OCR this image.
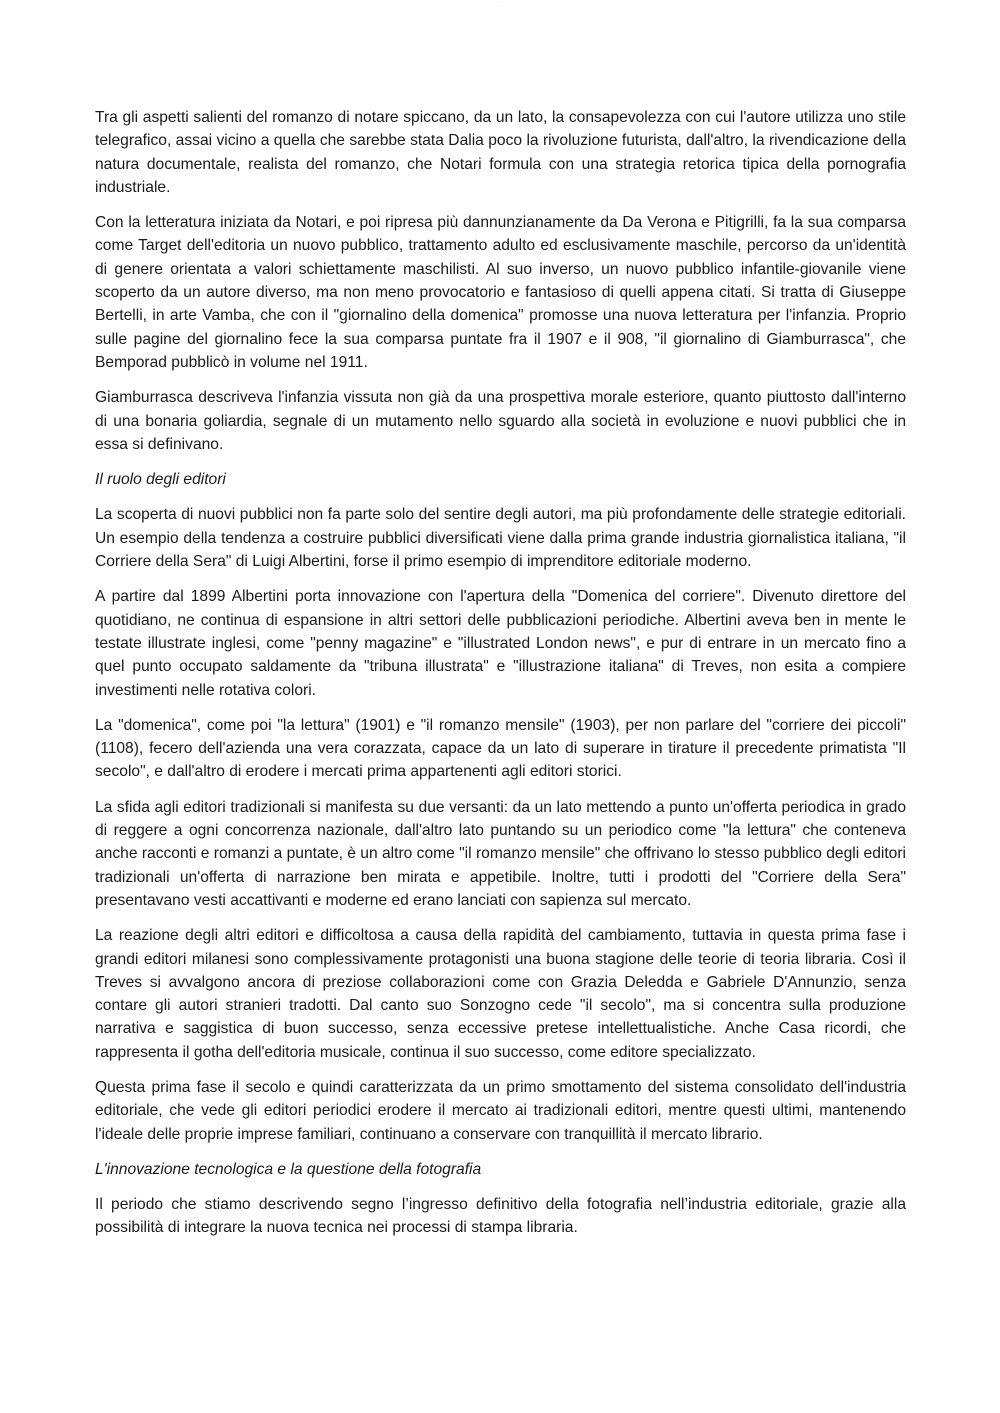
· · · · ·

Tra gli aspetti salienti del romanzo di notare spiccano, da un lato, la consapevolezza con cui l'autore utilizza uno stile telegrafico, assai vicino a quella che sarebbe stata Dalia poco la rivoluzione futurista, dall'altro, la rivendicazione della natura documentale, realista del romanzo, che Notari formula con una strategia retorica tipica della pornografia industriale.

Con la letteratura iniziata da Notari, e poi ripresa più dannunzianamente da Da Verona e Pitigrilli, fa la sua comparsa come Target dell'editoria un nuovo pubblico, trattamento adulto ed esclusivamente maschile, percorso da un'identità di genere orientata a valori schiettamente maschilisti. Al suo inverso, un nuovo pubblico infantile-giovanile viene scoperto da un autore diverso, ma non meno provocatorio e fantasioso di quelli appena citati. Si tratta di Giuseppe Bertelli, in arte Vamba, che con il "giornalino della domenica" promosse una nuova letteratura per l'infanzia. Proprio sulle pagine del giornalino fece la sua comparsa puntate fra il 1907 e il 908, "il giornalino di Giamburrasca", che Bemporad pubblicò in volume nel 1911.

Giamburrasca descriveva l'infanzia vissuta non già da una prospettiva morale esteriore, quanto piuttosto dall'interno di una bonaria goliardia, segnale di un mutamento nello sguardo alla società in evoluzione e nuovi pubblici che in essa si definivano.

Il ruolo degli editori

La scoperta di nuovi pubblici non fa parte solo del sentire degli autori, ma più profondamente delle strategie editoriali. Un esempio della tendenza a costruire pubblici diversificati viene dalla prima grande industria giornalistica italiana, "il Corriere della Sera" di Luigi Albertini, forse il primo esempio di imprenditore editoriale moderno.

A partire dal 1899 Albertini porta innovazione con l'apertura della "Domenica del corriere". Divenuto direttore del quotidiano, ne continua di espansione in altri settori delle pubblicazioni periodiche. Albertini aveva ben in mente le testate illustrate inglesi, come "penny magazine" e "illustrated London news", e pur di entrare in un mercato fino a quel punto occupato saldamente da "tribuna illustrata" e "illustrazione italiana" di Treves, non esita a compiere investimenti nelle rotativa colori.

La "domenica", come poi "la lettura" (1901) e "il romanzo mensile" (1903), per non parlare del "corriere dei piccoli" (1108), fecero dell'azienda una vera corazzata, capace da un lato di superare in tirature il precedente primatista "Il secolo", e dall'altro di erodere i mercati prima appartenenti agli editori storici.

La sfida agli editori tradizionali si manifesta su due versanti: da un lato mettendo a punto un'offerta periodica in grado di reggere a ogni concorrenza nazionale, dall'altro lato puntando su un periodico come "la lettura" che conteneva anche racconti e romanzi a puntate, è un altro come "il romanzo mensile" che offrivano lo stesso pubblico degli editori tradizionali un'offerta di narrazione ben mirata e appetibile. Inoltre, tutti i prodotti del "Corriere della Sera" presentavano vesti accattivanti e moderne ed erano lanciati con sapienza sul mercato.

La reazione degli altri editori e difficoltosa a causa della rapidità del cambiamento, tuttavia in questa prima fase i grandi editori milanesi sono complessivamente protagonisti una buona stagione delle teorie di teoria libraria. Così il Treves si avvalgono ancora di preziose collaborazioni come con Grazia Deledda e Gabriele D'Annunzio, senza contare gli autori stranieri tradotti. Dal canto suo Sonzogno cede "il secolo", ma si concentra sulla produzione narrativa e saggistica di buon successo, senza eccessive pretese intellettualistiche. Anche Casa ricordi, che rappresenta il gotha dell'editoria musicale, continua il suo successo, come editore specializzato.

Questa prima fase il secolo e quindi caratterizzata da un primo smottamento del sistema consolidato dell'industria editoriale, che vede gli editori periodici erodere il mercato ai tradizionali editori, mentre questi ultimi, mantenendo l'ideale delle proprie imprese familiari, continuano a conservare con tranquillità il mercato librario.

L'innovazione tecnologica e la questione della fotografia

Il periodo che stiamo descrivendo segno l’ingresso definitivo della fotografia nell’industria editoriale, grazie alla possibilità di integrare la nuova tecnica nei processi di stampa libraria.
